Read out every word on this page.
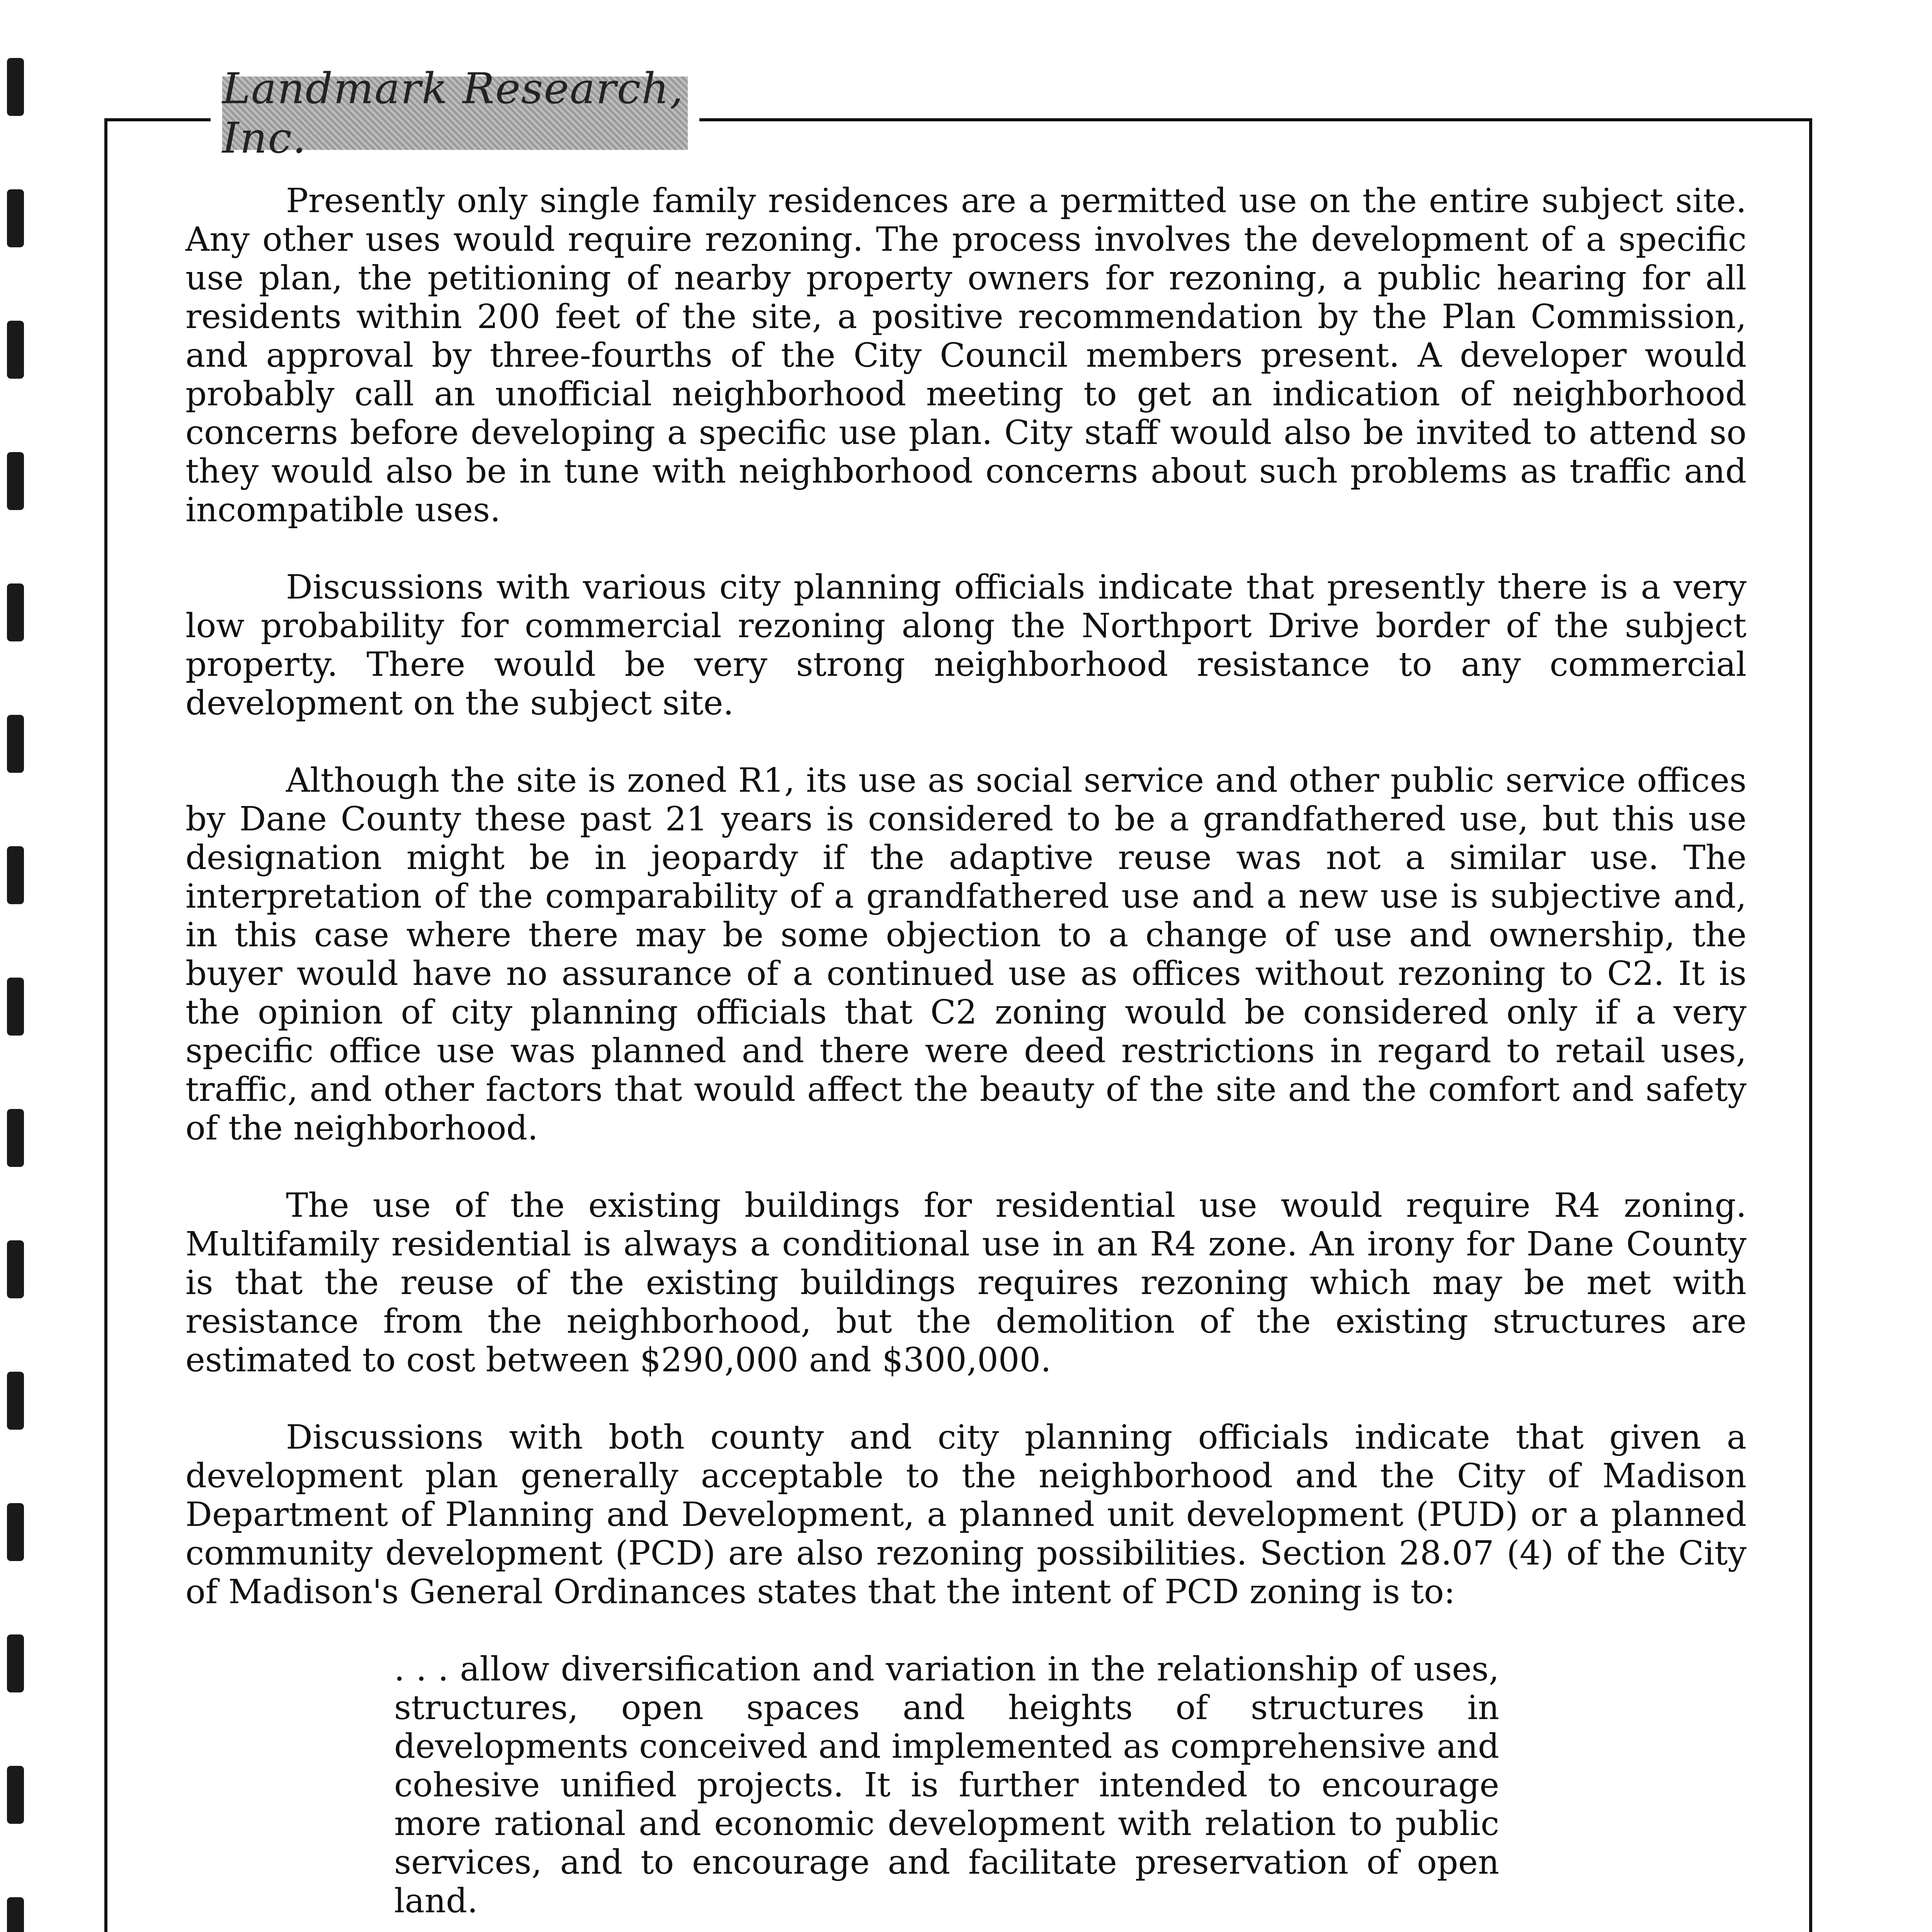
Landmark Research, Inc.

Presently only single family residences are a permitted use on the entire subject site. Any other uses would require rezoning. The process involves the development of a specific use plan, the petitioning of nearby property owners for rezoning, a public hearing for all residents within 200 feet of the site, a positive recommendation by the Plan Commission, and approval by three-fourths of the City Council members present. A developer would probably call an unofficial neighborhood meeting to get an indication of neighborhood concerns before developing a specific use plan. City staff would also be invited to attend so they would also be in tune with neighborhood concerns about such problems as traffic and incompatible uses.

Discussions with various city planning officials indicate that presently there is a very low probability for commercial rezoning along the Northport Drive border of the subject property. There would be very strong neighborhood resistance to any commercial development on the subject site.

Although the site is zoned R1, its use as social service and other public service offices by Dane County these past 21 years is considered to be a grandfathered use, but this use designation might be in jeopardy if the adaptive reuse was not a similar use. The interpretation of the comparability of a grandfathered use and a new use is subjective and, in this case where there may be some objection to a change of use and ownership, the buyer would have no assurance of a continued use as offices without rezoning to C2. It is the opinion of city planning officials that C2 zoning would be considered only if a very specific office use was planned and there were deed restrictions in regard to retail uses, traffic, and other factors that would affect the beauty of the site and the comfort and safety of the neighborhood.

The use of the existing buildings for residential use would require R4 zoning. Multifamily residential is always a conditional use in an R4 zone. An irony for Dane County is that the reuse of the existing buildings requires rezoning which may be met with resistance from the neighborhood, but the demolition of the existing structures are estimated to cost between $290,000 and $300,000.

Discussions with both county and city planning officials indicate that given a development plan generally acceptable to the neighborhood and the City of Madison Department of Planning and Development, a planned unit development (PUD) or a planned community development (PCD) are also rezoning possibilities. Section 28.07 (4) of the City of Madison's General Ordinances states that the intent of PCD zoning is to:

. . . allow diversification and variation in the relationship of uses, structures, open spaces and heights of structures in developments conceived and implemented as comprehensive and cohesive unified projects. It is further intended to encourage more rational and economic development with relation to public services, and to encourage and facilitate preservation of open land.
